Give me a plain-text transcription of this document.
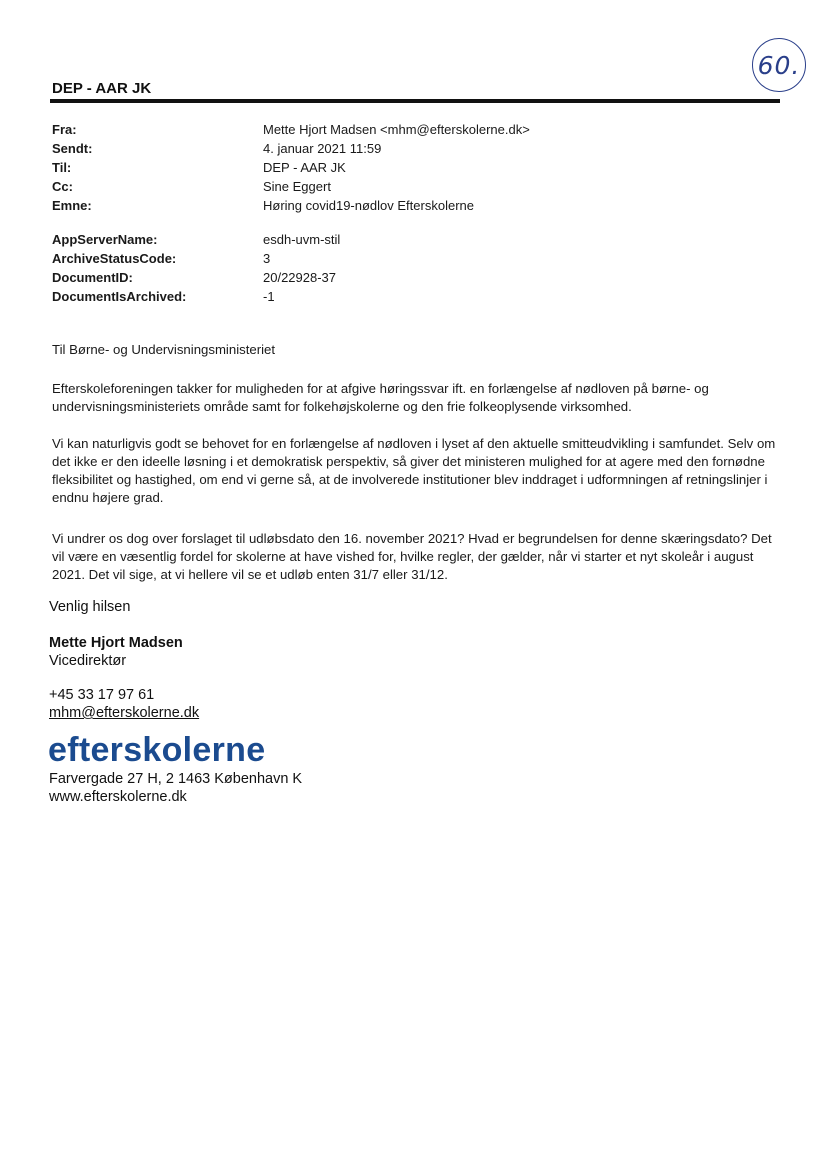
60.
DEP - AAR JK
Fra:	Mette Hjort Madsen <mhm@efterskolerne.dk>
Sendt:	4. januar 2021 11:59
Til:	DEP - AAR JK
Cc:	Sine Eggert
Emne:	Høring covid19-nødlov Efterskolerne
AppServerName:	esdh-uvm-stil
ArchiveStatusCode:	3
DocumentID:	20/22928-37
DocumentIsArchived:	-1
Til Børne- og Undervisningsministeriet
Efterskoleforeningen takker for muligheden for at afgive høringssvar ift. en forlængelse af nødloven på børne- og undervisningsministeriets område samt for folkehøjskolerne og den frie folkeoplysende virksomhed.
Vi kan naturligvis godt se behovet for en forlængelse af nødloven i lyset af den aktuelle smitteudvikling i samfundet. Selv om det ikke er den ideelle løsning i et demokratisk perspektiv, så giver det ministeren mulighed for at agere med den fornødne fleksibilitet og hastighed, om end vi gerne så, at de involverede institutioner blev inddraget i udformningen af retningslinjer i endnu højere grad.
Vi undrer os dog over forslaget til udløbsdato den 16. november 2021? Hvad er begrundelsen for denne skæringsdato? Det vil være en væsentlig fordel for skolerne at have vished for, hvilke regler, der gælder, når vi starter et nyt skoleår i august 2021. Det vil sige, at vi hellere vil se et udløb enten 31/7 eller 31/12.
Venlig hilsen
Mette Hjort Madsen
Vicedirektør
+45 33 17 97 61
mhm@efterskolerne.dk
efterskolerne
Farvergade 27 H, 2 1463 København K
www.efterskolerne.dk
